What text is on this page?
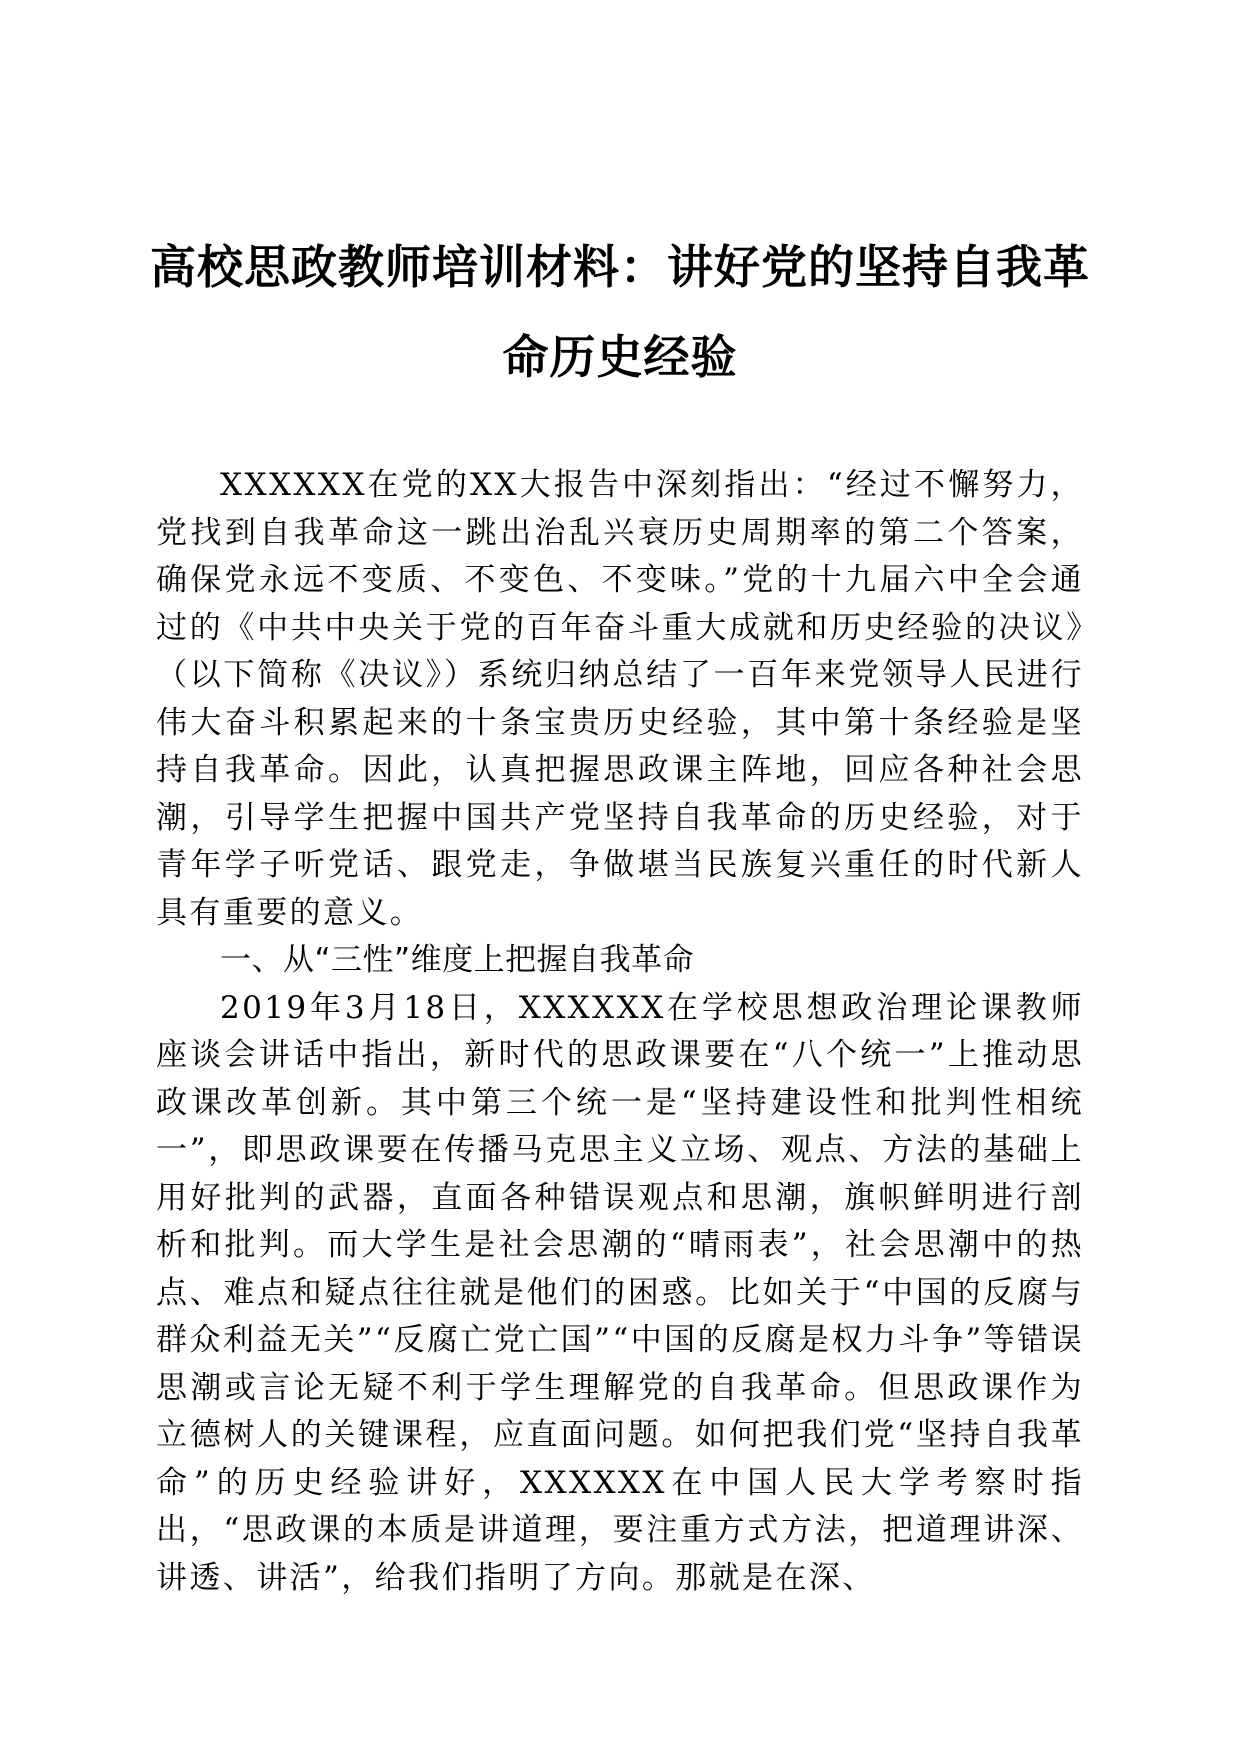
高校思政教师培训材料：讲好党的坚持自我革命历史经验

XXXXXX在党的XX大报告中深刻指出：“经过不懈努力，党找到自我革命这一跳出治乱兴衰历史周期率的第二个答案，确保党永远不变质、不变色、不变味。”党的十九届六中全会通过的《中共中央关于党的百年奋斗重大成就和历史经验的决议》（以下简称《决议》）系统归纳总结了一百年来党领导人民进行伟大奋斗积累起来的十条宝贵历史经验，其中第十条经验是坚持自我革命。因此，认真把握思政课主阵地，回应各种社会思潮，引导学生把握中国共产党坚持自我革命的历史经验，对于青年学子听党话、跟党走，争做堪当民族复兴重任的时代新人具有重要的意义。

一、从“三性”维度上把握自我革命

2019年3月18日，XXXXXX在学校思想政治理论课教师座谈会讲话中指出，新时代的思政课要在“八个统一”上推动思政课改革创新。其中第三个统一是“坚持建设性和批判性相统一”，即思政课要在传播马克思主义立场、观点、方法的基础上用好批判的武器，直面各种错误观点和思潮，旗帜鲜明进行剖析和批判。而大学生是社会思潮的“晴雨表”，社会思潮中的热点、难点和疑点往往就是他们的困惑。比如关于“中国的反腐与群众利益无关”“反腐亡党亡国”“中国的反腐是权力斗争”等错误思潮或言论无疑不利于学生理解党的自我革命。但思政课作为立德树人的关键课程，应直面问题。如何把我们党“坚持自我革命”的历史经验讲好，XXXXXX在中国人民大学考察时指出，“思政课的本质是讲道理，要注重方式方法，把道理讲深、讲透、讲活”，给我们指明了方向。那就是在深、
